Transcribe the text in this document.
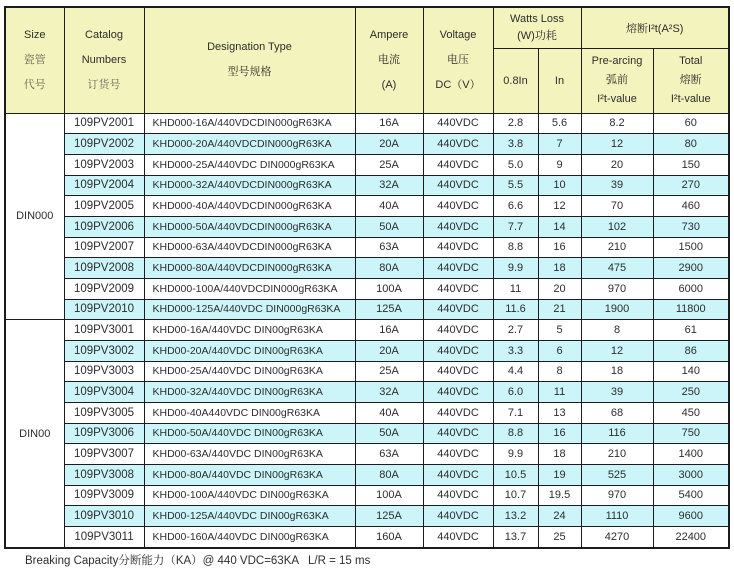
Size
瓷管
代号

Catalog
Numbers
订货号

Designation Type
型号规格

Ampere
电流
(A)

Voltage
电压
DC（V）

Watts Loss
(W)功耗
	熔断I²t(A²S)
0.8In	In	
Pre-arcing
弧前
I²t-value

Total
熔断
I²t-value

DIN000	109PV2001	KHD000-16A/440VDCDIN000gR63KA	16A	440VDC	2.8	5.6	8.2	60
	109PV2002	KHD000-20A/440VDCDIN000gR63KA	20A	440VDC	3.8	7	12	80
	109PV2003	KHD000-25A/440VDC DIN000gR63KA	25A	440VDC	5.0	9	20	150
	109PV2004	KHD000-32A/440VDCDIN000gR63KA	32A	440VDC	5.5	10	39	270
	109PV2005	KHD000-40A/440VDCDIN000gR63KA	40A	440VDC	6.6	12	70	460
	109PV2006	KHD000-50A/440VDCDIN000gR63KA	50A	440VDC	7.7	14	102	730
	109PV2007	KHD000-63A/440VDCDIN000gR63KA	63A	440VDC	8.8	16	210	1500
	109PV2008	KHD000-80A/440VDCDIN000gR63KA	80A	440VDC	9.9	18	475	2900
	109PV2009	KHD000-100A/440VDCDIN000gR63KA	100A	440VDC	11	20	970	6000
	109PV2010	KHD000-125A/440VDC DIN000gR63KA	125A	440VDC	11.6	21	1900	11800
DIN00	109PV3001	KHD00-16A/440VDC DIN00gR63KA	16A	440VDC	2.7	5	8	61
	109PV3002	KHD00-20A/440VDC DIN00gR63KA	20A	440VDC	3.3	6	12	86
	109PV3003	KHD00-25A/440VDC DIN00gR63KA	25A	440VDC	4.4	8	18	140
	109PV3004	KHD00-32A/440VDC DIN00gR63KA	32A	440VDC	6.0	11	39	250
	109PV3005	KHD00-40A440VDC DIN00gR63KA	40A	440VDC	7.1	13	68	450
	109PV3006	KHD00-50A/440VDC DIN00gR63KA	50A	440VDC	8.8	16	116	750
	109PV3007	KHD00-63A/440VDC DIN00gR63KA	63A	440VDC	9.9	18	210	1400
	109PV3008	KHD00-80A/440VDC DIN00gR63KA	80A	440VDC	10.5	19	525	3000
	109PV3009	KHD00-100A/440VDC DIN00gR63KA	100A	440VDC	10.7	19.5	970	5400
	109PV3010	KHD00-125A/440VDC DIN00gR63KA	125A	440VDC	13.2	24	1110	9600
	109PV3011	KHD00-160A/440VDC DIN00gR63KA	160A	440VDC	13.7	25	4270	22400
Breaking Capacity分断能力（KA）@ 440 VDC=63KA   L/R = 15 ms
